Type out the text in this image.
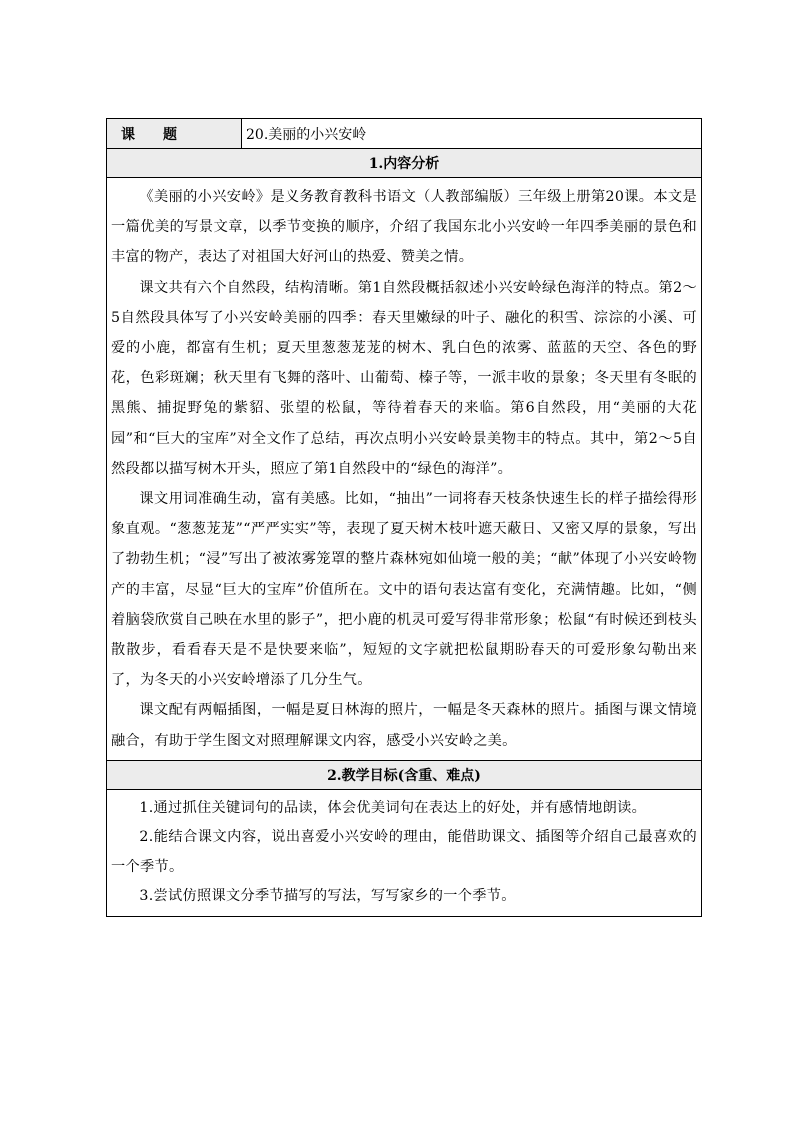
课 题	20.美丽的小兴安岭
1.内容分析

《美丽的小兴安岭》是义务教育教科书语文（人教部编版）三年级上册第20课。本文是一篇优美的写景文章，以季节变换的顺序，介绍了我国东北小兴安岭一年四季美丽的景色和丰富的物产，表达了对祖国大好河山的热爱、赞美之情。

课文共有六个自然段，结构清晰。第1自然段概括叙述小兴安岭绿色海洋的特点。第2～5自然段具体写了小兴安岭美丽的四季：春天里嫩绿的叶子、融化的积雪、淙淙的小溪、可爱的小鹿，都富有生机；夏天里葱葱茏茏的树木、乳白色的浓雾、蓝蓝的天空、各色的野花，色彩斑斓；秋天里有飞舞的落叶、山葡萄、榛子等，一派丰收的景象；冬天里有冬眠的黑熊、捕捉野兔的紫貂、张望的松鼠，等待着春天的来临。第6自然段，用“美丽的大花园”和“巨大的宝库”对全文作了总结，再次点明小兴安岭景美物丰的特点。其中，第2～5自然段都以描写树木开头，照应了第1自然段中的“绿色的海洋”。

课文用词准确生动，富有美感。比如，“抽出”一词将春天枝条快速生长的样子描绘得形象直观。“葱葱茏茏”“严严实实”等，表现了夏天树木枝叶遮天蔽日、又密又厚的景象，写出了勃勃生机；“浸”写出了被浓雾笼罩的整片森林宛如仙境一般的美；“献”体现了小兴安岭物产的丰富，尽显“巨大的宝库”价值所在。文中的语句表达富有变化，充满情趣。比如，“侧着脑袋欣赏自己映在水里的影子”，把小鹿的机灵可爱写得非常形象；松鼠“有时候还到枝头散散步，看看春天是不是快要来临”，短短的文字就把松鼠期盼春天的可爱形象勾勒出来了，为冬天的小兴安岭增添了几分生气。

课文配有两幅插图，一幅是夏日林海的照片，一幅是冬天森林的照片。插图与课文情境融合，有助于学生图文对照理解课文内容，感受小兴安岭之美。

2.教学目标(含重、难点)

1.通过抓住关键词句的品读，体会优美词句在表达上的好处，并有感情地朗读。

2.能结合课文内容，说出喜爱小兴安岭的理由，能借助课文、插图等介绍自己最喜欢的一个季节。

3.尝试仿照课文分季节描写的写法，写写家乡的一个季节。
